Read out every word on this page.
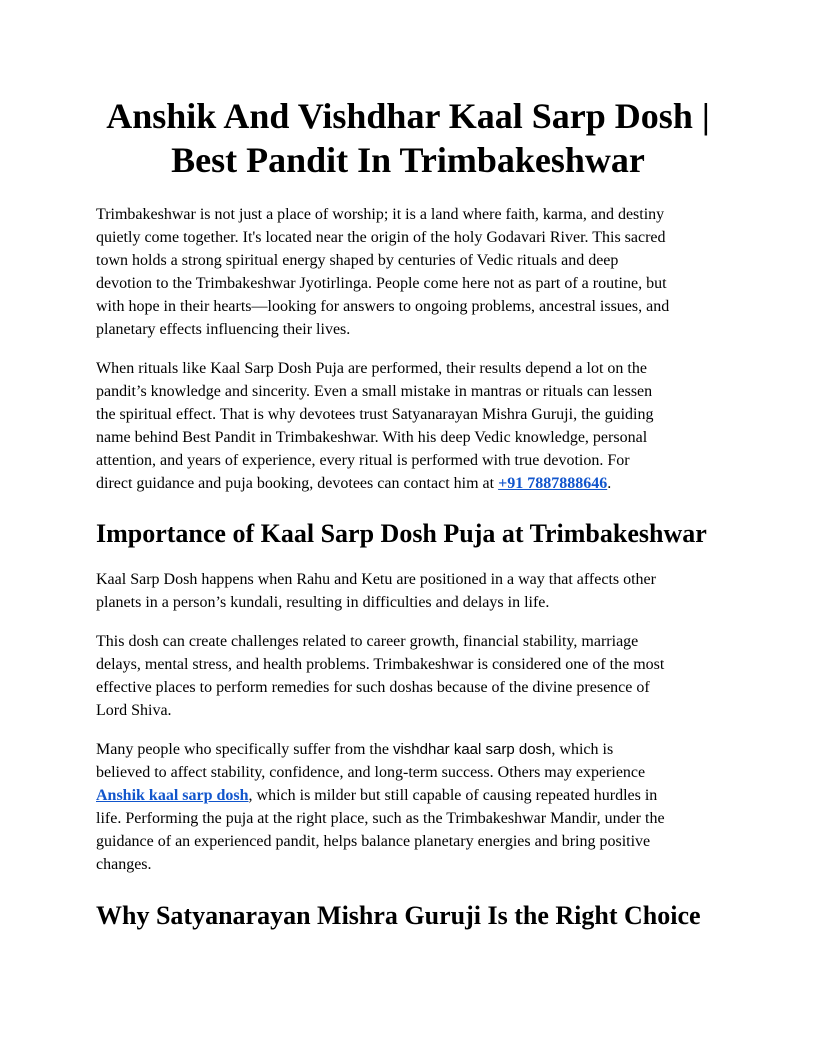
Anshik And Vishdhar Kaal Sarp Dosh |
Best Pandit In Trimbakeshwar

Trimbakeshwar is not just a place of worship; it is a land where faith, karma, and destiny
quietly come together. It's located near the origin of the holy Godavari River. This sacred
town holds a strong spiritual energy shaped by centuries of Vedic rituals and deep
devotion to the Trimbakeshwar Jyotirlinga. People come here not as part of a routine, but
with hope in their hearts—looking for answers to ongoing problems, ancestral issues, and
planetary effects influencing their lives.

When rituals like Kaal Sarp Dosh Puja are performed, their results depend a lot on the
pandit’s knowledge and sincerity. Even a small mistake in mantras or rituals can lessen
the spiritual effect. That is why devotees trust Satyanarayan Mishra Guruji, the guiding
name behind Best Pandit in Trimbakeshwar. With his deep Vedic knowledge, personal
attention, and years of experience, every ritual is performed with true devotion. For
direct guidance and puja booking, devotees can contact him at +91 7887888646.

Importance of Kaal Sarp Dosh Puja at Trimbakeshwar

Kaal Sarp Dosh happens when Rahu and Ketu are positioned in a way that affects other
planets in a person’s kundali, resulting in difficulties and delays in life.

This dosh can create challenges related to career growth, financial stability, marriage
delays, mental stress, and health problems. Trimbakeshwar is considered one of the most
effective places to perform remedies for such doshas because of the divine presence of
Lord Shiva.

Many people who specifically suffer from the vishdhar kaal sarp dosh, which is
believed to affect stability, confidence, and long-term success. Others may experience
Anshik kaal sarp dosh, which is milder but still capable of causing repeated hurdles in
life. Performing the puja at the right place, such as the Trimbakeshwar Mandir, under the
guidance of an experienced pandit, helps balance planetary energies and bring positive
changes.

Why Satyanarayan Mishra Guruji Is the Right Choice
